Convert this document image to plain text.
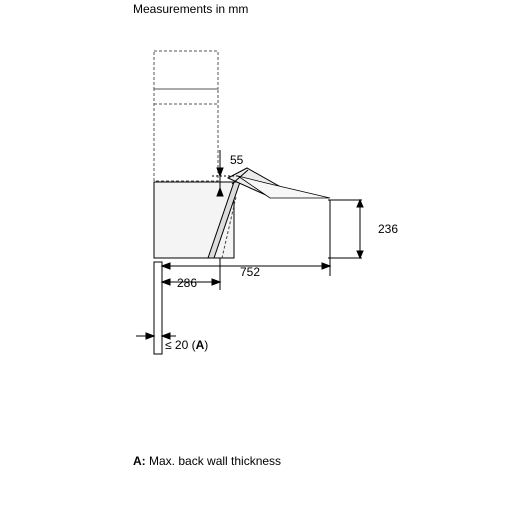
Measurements in mm
55
236
752
286
≤ 20 (A)
A: Max. back wall thickness
